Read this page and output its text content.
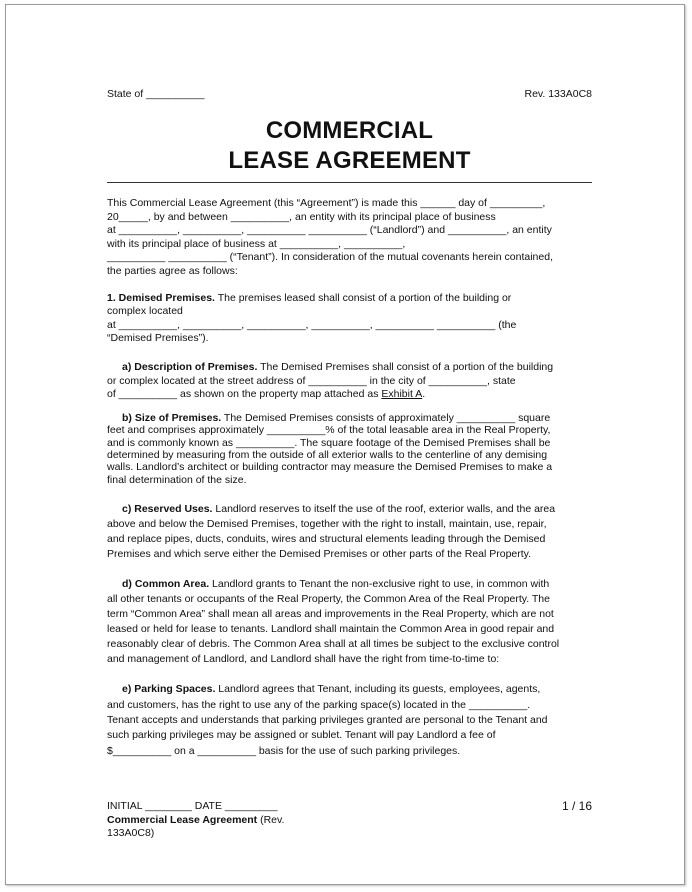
State of __________	Rev. 133A0C8
COMMERCIAL
LEASE AGREEMENT

This Commercial Lease Agreement (this “Agreement”) is made this ______ day of _________,

20_____, by and between __________, an entity with its principal place of business

at __________, __________, __________ __________ (“Landlord”) and __________, an entity

with its principal place of business at __________, __________,

__________ __________ (“Tenant”). In consideration of the mutual covenants herein contained,

the parties agree as follows:

1. Demised Premises. The premises leased shall consist of a portion of the building or

complex located

at __________, __________, __________, __________, __________ __________ (the

“Demised Premises”).

a) Description of Premises. The Demised Premises shall consist of a portion of the building

or complex located at the street address of __________ in the city of __________, state

of __________ as shown on the property map attached as Exhibit A.

b) Size of Premises. The Demised Premises consists of approximately __________ square

feet and comprises approximately __________% of the total leasable area in the Real Property,

and is commonly known as __________. The square footage of the Demised Premises shall be

determined by measuring from the outside of all exterior walls to the centerline of any demising

walls. Landlord’s architect or building contractor may measure the Demised Premises to make a

final determination of the size.

c) Reserved Uses. Landlord reserves to itself the use of the roof, exterior walls, and the area

above and below the Demised Premises, together with the right to install, maintain, use, repair,

and replace pipes, ducts, conduits, wires and structural elements leading through the Demised

Premises and which serve either the Demised Premises or other parts of the Real Property.

d) Common Area. Landlord grants to Tenant the non-exclusive right to use, in common with

all other tenants or occupants of the Real Property, the Common Area of the Real Property. The

term “Common Area” shall mean all areas and improvements in the Real Property, which are not

leased or held for lease to tenants. Landlord shall maintain the Common Area in good repair and

reasonably clear of debris. The Common Area shall at all times be subject to the exclusive control

and management of Landlord, and Landlord shall have the right from time-to-time to:

e) Parking Spaces. Landlord agrees that Tenant, including its guests, employees, agents,

and customers, has the right to use any of the parking space(s) located in the __________.

Tenant accepts and understands that parking privileges granted are personal to the Tenant and

such parking privileges may be assigned or sublet. Tenant will pay Landlord a fee of

$__________ on a __________ basis for the use of such parking privileges.

INITIAL ________ DATE _________

Commercial Lease Agreement (Rev.

133A0C8)

1 / 16
